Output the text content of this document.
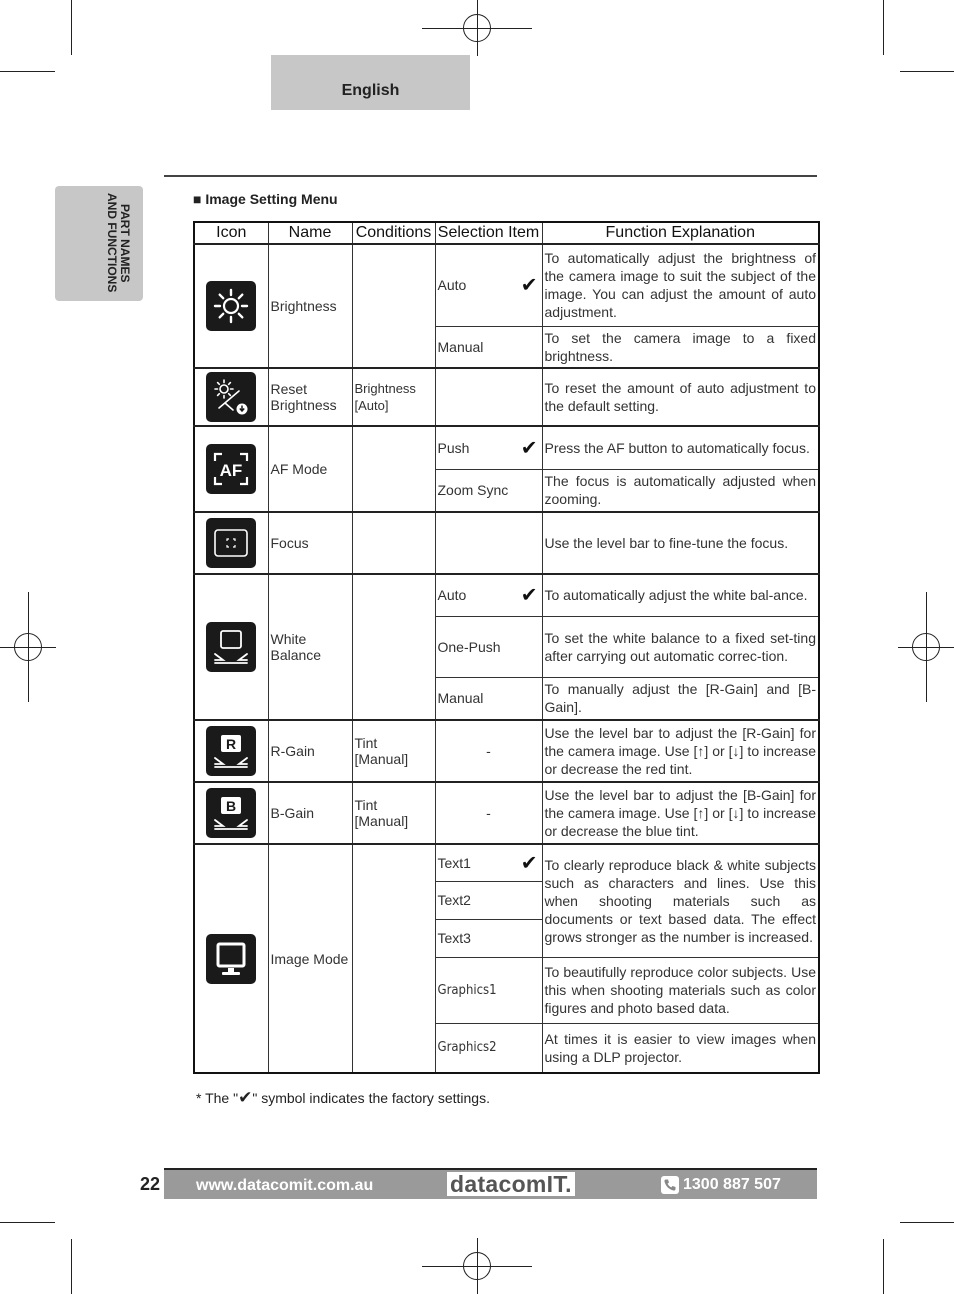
English
PART NAMES AND FUNCTIONS	■ Image Setting Menu
Icon	Name	Conditions	Selection Item	Function Explanation

	Brightness		Auto ✔	To automatically adjust the brightness of the camera image to suit the subject of the image. You can adjust the amount of auto adjustment.
			Manual	To set the camera image to a fixed brightness.

	Reset Brightness	Brightness [Auto]		To reset the amount of auto adjustment to the default setting.

AF	AF Mode		Push ✔	Press the AF button to automatically focus.
			Zoom Sync	The focus is automatically adjusted when zooming.

	Focus			Use the level bar to fine-tune the focus.

	White Balance		Auto ✔	To automatically adjust the white bal-ance.
			One-Push	To set the white balance to a fixed set-ting after carrying out automatic correc-tion.
			Manual	To manually adjust the [R-Gain] and [B-Gain].

R	R-Gain	Tint [Manual]	-	Use the level bar to adjust the [R-Gain] for the camera image. Use [↑] or [↓] to increase or decrease the red tint.

B	B-Gain	Tint [Manual]	-	Use the level bar to adjust the [B-Gain] for the camera image. Use [↑] or [↓] to increase or decrease the blue tint.

	Image Mode		Text1 ✔	To clearly reproduce black & white subjects such as characters and lines. Use this when shooting materials such as documents or text based data. The effect grows stronger as the number is increased.
			Text2	
			Text3	
			Graphics1	To beautifully reproduce color subjects. Use this when shooting materials such as color figures and photo based data.
			Graphics2	At times it is easier to view images when using a DLP projector.
* The "✔" symbol indicates the factory settings.
22 www.datacomit.com.au	datacomIT.	1300 887 507
